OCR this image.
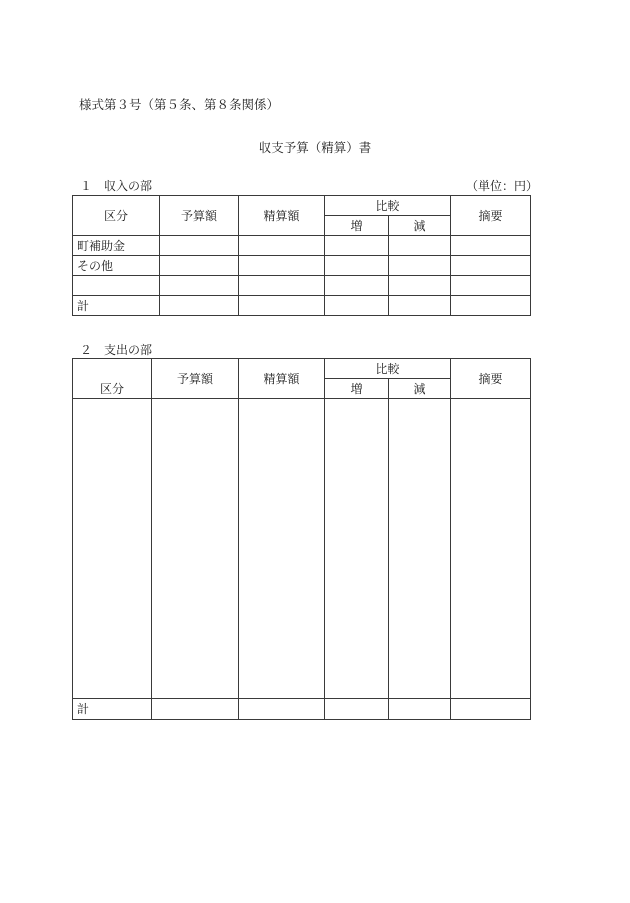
様式第３号（第５条、第８条関係）
収支予算（精算）書
１　収入の部	（単位：円）
区分	予算額	精算額	比較		摘要
			増	減	
町補助金					
その他					

計					
２　支出の部
区分	予算額	精算額	比較		摘要
			増	減	

計					
